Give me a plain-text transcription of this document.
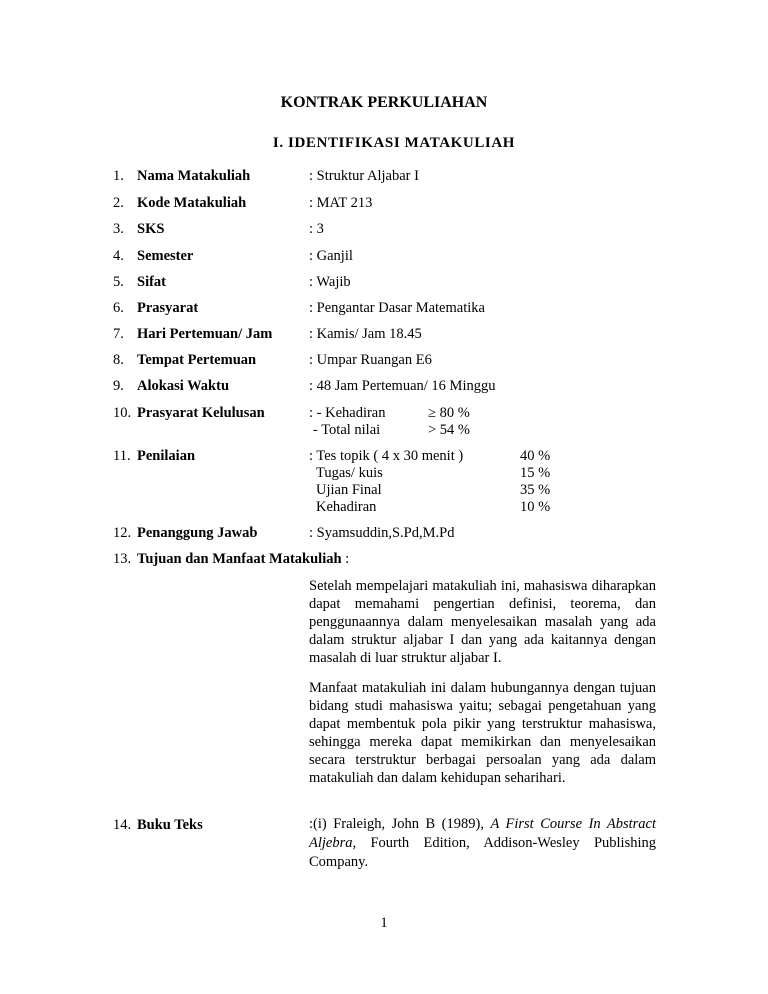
KONTRAK PERKULIAHAN
I. IDENTIFIKASI MATAKULIAH
1. Nama Matakuliah	: Struktur Aljabar I
2. Kode Matakuliah	: MAT 213
3. SKS	: 3
4. Semester	: Ganjil
5. Sifat	: Wajib
6. Prasyarat	: Pengantar Dasar Matematika
7. Hari Pertemuan/ Jam	: Kamis/ Jam 18.45
8. Tempat Pertemuan	: Umpar Ruangan E6
9. Alokasi Waktu	: 48 Jam Pertemuan/ 16 Minggu
10. Prasyarat Kelulusan	: - Kehadiran	≥ 80 %
- Total nilai	> 54 %
11. Penilaian	: Tes topik ( 4 x 30 menit )	40 %
Tugas/ kuis	15 %
Ujian Final	35 %
Kehadiran	10 %
12. Penanggung Jawab	: Syamsuddin,S.Pd,M.Pd
13. Tujuan dan Manfaat Matakuliah :
Setelah mempelajari matakuliah ini, mahasiswa diharapkan dapat memahami pengertian definisi, teorema, dan penggunaannya dalam menyelesaikan masalah yang ada dalam struktur aljabar I dan yang ada kaitannya dengan masalah di luar struktur aljabar I.
Manfaat matakuliah ini dalam hubungannya dengan tujuan bidang studi mahasiswa yaitu; sebagai pengetahuan yang dapat membentuk pola pikir yang terstruktur mahasiswa, sehingga mereka dapat memikirkan dan menyelesaikan secara terstruktur berbagai persoalan yang ada dalam matakuliah dan dalam kehidupan seharihari.
14. Buku Teks	:(i) Fraleigh, John B (1989), A First Course In Abstract Aljebra, Fourth Edition, Addison-Wesley Publishing Company.
1
